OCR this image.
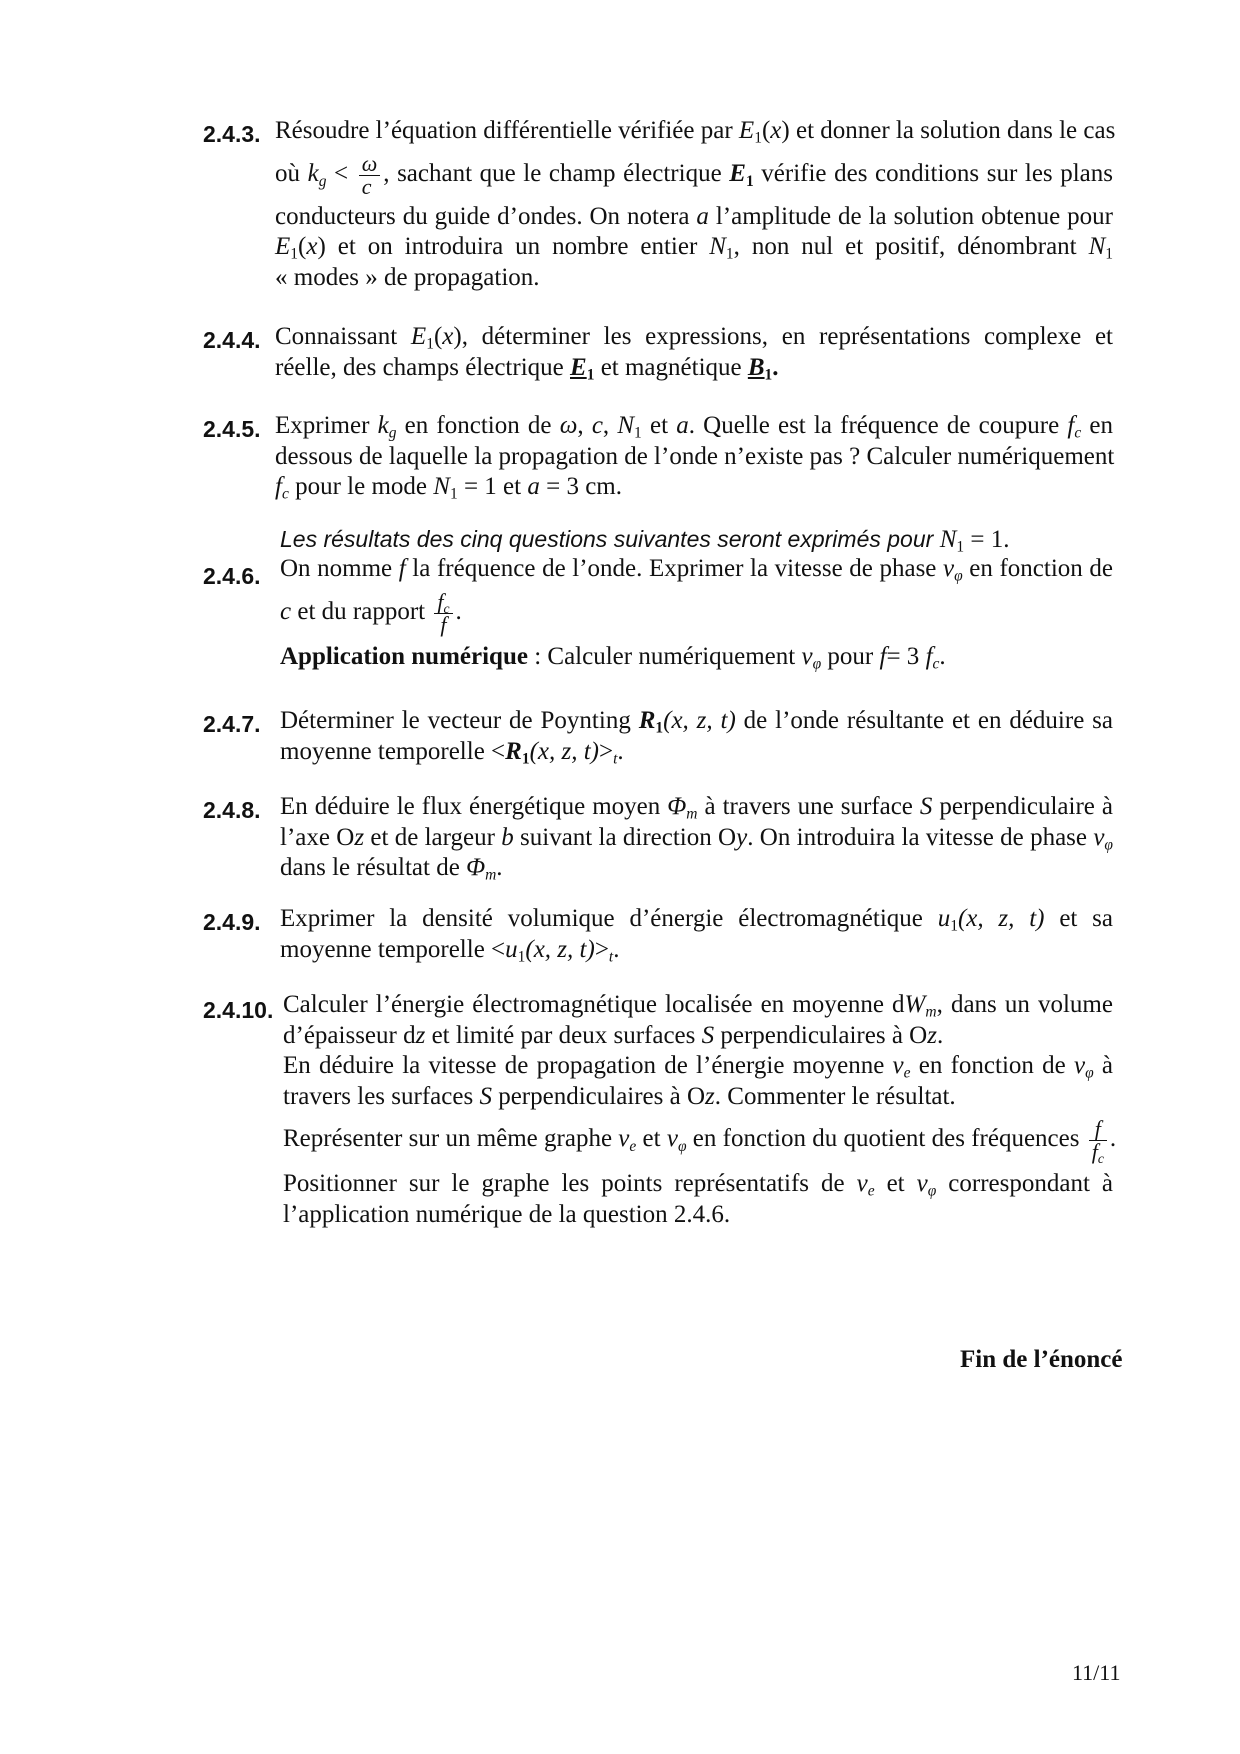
2.4.3. Résoudre l’équation différentielle vérifiée par $E_1(x)$ et donner la solution dans le cas
où $k_g < \frac{\omega}{c}$ , sachant que le champ électrique $E_1$ vérifie des conditions sur les plans
conducteurs du guide d’ondes. On notera a l’amplitude de la solution obtenue pour
$E_1(x)$ et on introduira un nombre entier $N_1$, non nul et positif, dénombrant $N_1$
« modes » de propagation.
2.4.4. Connaissant $E_1(x)$, déterminer les expressions, en représentations complexe et
réelle, des champs électrique $E_1$ et magnétique $B_1$.
2.4.5. Exprimer $k_g$ en fonction de ω, c, $N_1$ et a. Quelle est la fréquence de coupure $f_c$ en
dessous de laquelle la propagation de l’onde n’existe pas ? Calculer numériquement
$f_c$ pour le mode $N_1 = 1$ et a = 3 cm.
Les résultats des cinq questions suivantes seront exprimés pour $N_1 = 1$.
2.4.6. On nomme f la fréquence de l’onde. Exprimer la vitesse de phase $v_\varphi$ en fonction de
c et du rapport $\frac{f_c}{f}$ .
Application numérique : Calculer numériquement $v_\varphi$ pour f= 3 $f_c$.
2.4.7. Déterminer le vecteur de Poynting $R_1(x$, z, t) de l’onde résultante et en déduire sa
moyenne temporelle $<R_1(x$, z, $t)>_t$.
2.4.8. En déduire le flux énergétique moyen $\Phi_m$ à travers une surface S perpendiculaire à
l’axe Oz et de largeur b suivant la direction Oy. On introduira la vitesse de phase $v_\varphi$
dans le résultat de $\Phi_m$.
2.4.9. Exprimer la densité volumique d’énergie électromagnétique $u_1(x$, z, t) et sa
moyenne temporelle $<u_1(x$, z, $t)>_t$.
2.4.10. Calculer l’énergie électromagnétique localisée en moyenne $dW_m$, dans un volume
d’épaisseur dz et limité par deux surfaces S perpendiculaires à Oz.
En déduire la vitesse de propagation de l’énergie moyenne $v_e$ en fonction de $v_\varphi$ à
travers les surfaces S perpendiculaires à Oz. Commenter le résultat.
Représenter sur un même graphe $v_e$ et $v_\varphi$ en fonction du quotient des fréquences $\frac{f}{f_c}$ .
Positionner sur le graphe les points représentatifs de $v_e$ et $v_\varphi$ correspondant à
l’application numérique de la question 2.4.6.
Fin de l’énoncé
11/11
